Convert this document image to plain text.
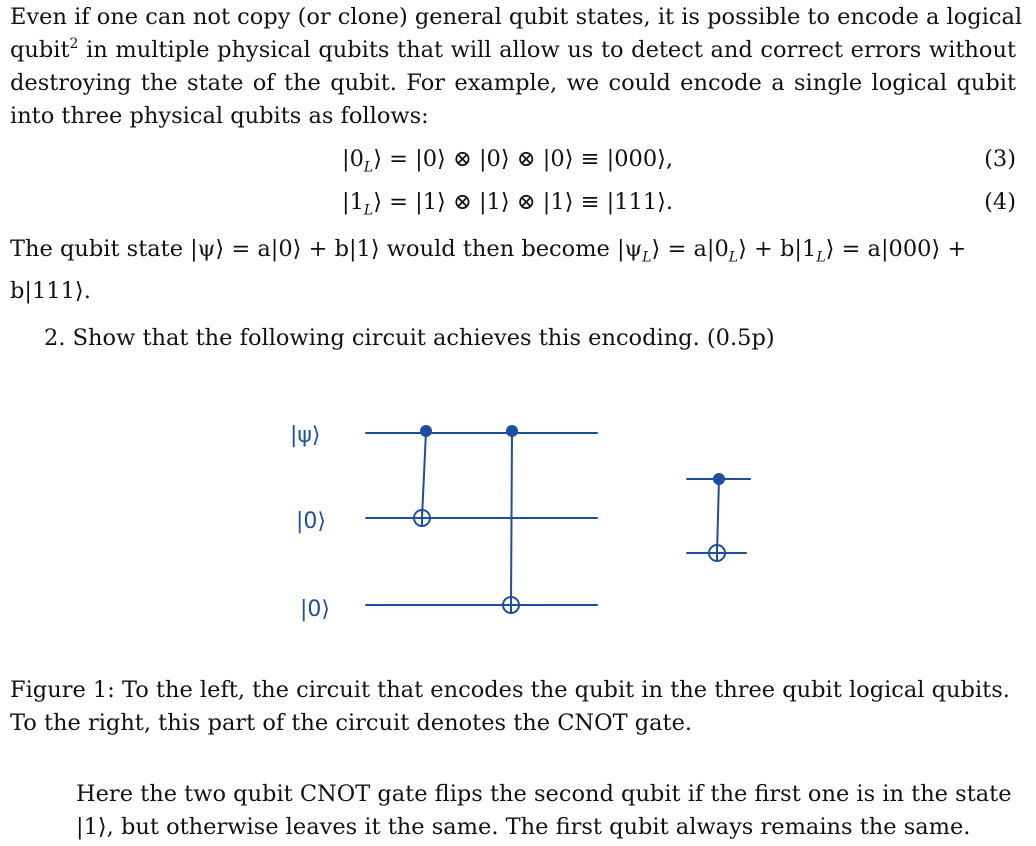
Even if one can not copy (or clone) general qubit states, it is possible to encode a logical
qubit$^2$ in multiple physical qubits that will allow us to detect and correct errors without
destroying the state of the qubit. For example, we could encode a single logical qubit
into three physical qubits as follows:
$|0_L⟩$ = |0⟩ ⊗ |0⟩ ⊗ |0⟩ ≡ |000⟩,	(3)
$|1_L⟩$ = |1⟩ ⊗ |1⟩ ⊗ |1⟩ ≡ |111⟩.	(4)
The qubit state |ψ⟩ = a|0⟩ + b|1⟩ would then become $|\psi_L⟩$ = $a|0_L⟩$ + $b|1_L⟩$ = a|000⟩ +
b|111⟩.
2. Show that the following circuit achieves this encoding. (0.5p)
|ψ⟩
|0⟩
|0⟩
Figure 1: To the left, the circuit that encodes the qubit in the three qubit logical qubits.
To the right, this part of the circuit denotes the CNOT gate.
Here the two qubit CNOT gate flips the second qubit if the first one is in the state
|1⟩, but otherwise leaves it the same. The first qubit always remains the same.
